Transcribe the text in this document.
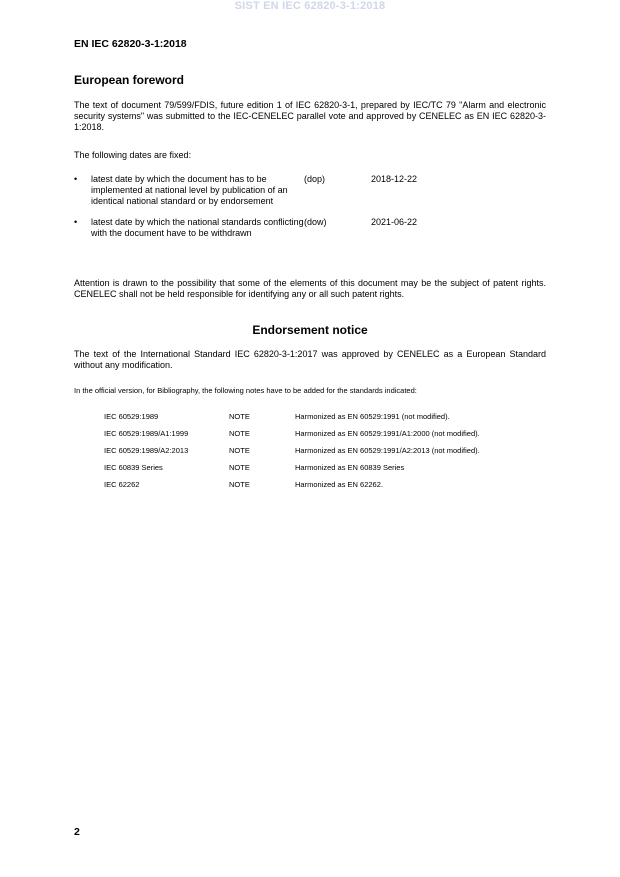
SIST EN IEC 62820-3-1:2018
EN IEC 62820-3-1:2018
European foreword
The text of document 79/599/FDIS, future edition 1 of IEC 62820-3-1, prepared by IEC/TC 79 "Alarm and electronic security systems" was submitted to the IEC-CENELEC parallel vote and approved by CENELEC as EN IEC 62820-3-1:2018.
The following dates are fixed:
•	latest date by which the document has to be implemented at national level by publication of an identical national standard or by endorsement
(dop)	2018-12-22
•	latest date by which the national standards conflicting with the document have to be withdrawn
(dow)	2021-06-22
Attention is drawn to the possibility that some of the elements of this document may be the subject of patent rights. CENELEC shall not be held responsible for identifying any or all such patent rights.
Endorsement notice
The text of the International Standard IEC 62820-3-1:2017 was approved by CENELEC as a European Standard without any modification.
In the official version, for Bibliography, the following notes have to be added for the standards indicated:
IEC 60529:1989	NOTE	Harmonized as EN 60529:1991 (not modified).
IEC 60529:1989/A1:1999	NOTE	Harmonized as EN 60529:1991/A1:2000 (not modified).
IEC 60529:1989/A2:2013	NOTE	Harmonized as EN 60529:1991/A2:2013 (not modified).
IEC 60839 Series	NOTE	Harmonized as EN 60839 Series
IEC 62262	NOTE	Harmonized as EN 62262.
2
